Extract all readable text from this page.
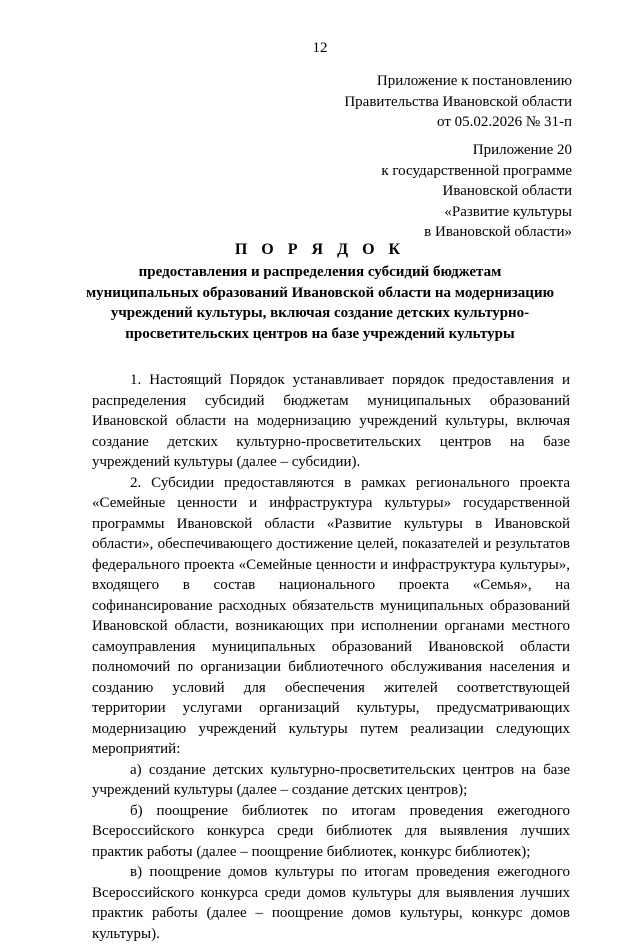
12
Приложение к постановлению
Правительства Ивановской области
от 05.02.2026 № 31-п
Приложение 20
к государственной программе
Ивановской области
«Развитие культуры
в Ивановской области»
П О Р Я Д О К
предоставления и распределения субсидий бюджетам
муниципальных образований Ивановской области на модернизацию
учреждений культуры, включая создание детских культурно-
просветительских центров на базе учреждений культуры

1. Настоящий Порядок устанавливает порядок предоставления и распределения субсидий бюджетам муниципальных образований Ивановской области на модернизацию учреждений культуры, включая создание детских культурно-просветительских центров на базе учреждений культуры (далее – субсидии).

2. Субсидии предоставляются в рамках регионального проекта «Семейные ценности и инфраструктура культуры» государственной программы Ивановской области «Развитие культуры в Ивановской области», обеспечивающего достижение целей, показателей и результатов федерального проекта «Семейные ценности и инфраструктура культуры», входящего в состав национального проекта «Семья», на софинансирование расходных обязательств муниципальных образований Ивановской области, возникающих при исполнении органами местного самоуправления муниципальных образований Ивановской области полномочий по организации библиотечного обслуживания населения и созданию условий для обеспечения жителей соответствующей территории услугами организаций культуры, предусматривающих модернизацию учреждений культуры путем реализации следующих мероприятий:

а) создание детских культурно-просветительских центров на базе учреждений культуры (далее – создание детских центров);

б) поощрение библиотек по итогам проведения ежегодного Всероссийского конкурса среди библиотек для выявления лучших практик работы (далее – поощрение библиотек, конкурс библиотек);

в) поощрение домов культуры по итогам проведения ежегодного Всероссийского конкурса среди домов культуры для выявления лучших практик работы (далее – поощрение домов культуры, конкурс домов культуры).
